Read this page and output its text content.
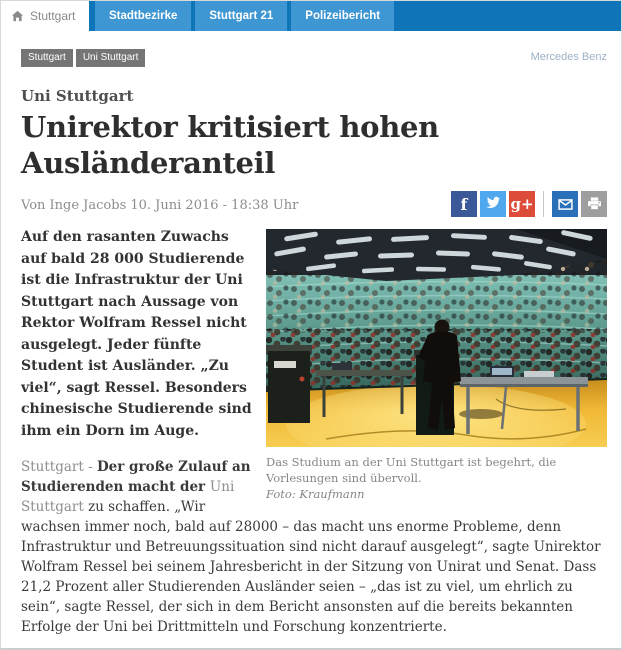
Stuttgart	Stadtbezirke	Stuttgart 21	Polizeibericht
Stuttgart	Uni Stuttgart	Mercedes Benz
Uni Stuttgart
Unirektor kritisiert hohen Ausländeranteil
Von Inge Jacobs 10. Juni 2016 - 18:38 Uhr	f	g+
Das Studium an der Uni Stuttgart ist begehrt, die Vorlesungen sind übervoll.
Foto: Kraufmann

Auf den rasanten Zuwachs auf bald 28 000 Studierende ist die Infrastruktur der Uni Stuttgart nach Aussage von Rektor Wolfram Ressel nicht ausgelegt. Jeder fünfte Student ist Ausländer. „Zu viel“, sagt Ressel. Besonders chinesische Studierende sind ihm ein Dorn im Auge.

Stuttgart - Der große Zulauf an Studierenden macht der Uni Stuttgart zu schaffen. „Wir wachsen immer noch, bald auf 28000 – das macht uns enorme Probleme, denn Infrastruktur und Betreuungssituation sind nicht darauf ausgelegt“, sagte Unirektor Wolfram Ressel bei seinem Jahresbericht in der Sitzung von Unirat und Senat. Dass 21,2 Prozent aller Studierenden Ausländer seien – „das ist zu viel, um ehrlich zu sein“, sagte Ressel, der sich in dem Bericht ansonsten auf die bereits bekannten Erfolge der Uni bei Drittmitteln und Forschung konzentrierte.
